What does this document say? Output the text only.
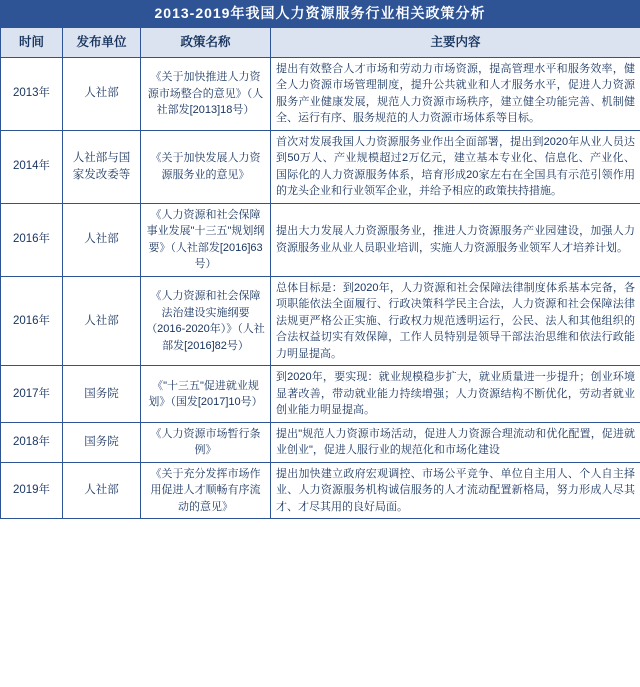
2013-2019年我国人力资源服务行业相关政策分析
时间	发布单位	政策名称	主要内容
2013年	人社部	《关于加快推进人力资源市场整合的意见》（人社部发[2013]18号）	提出有效整合人才市场和劳动力市场资源，提高管理水平和服务效率，健全人力资源市场管理制度，提升公共就业和人才服务水平，促进人力资源服务产业健康发展，规范人力资源市场秩序，建立健全功能完善、机制健全、运行有序、服务规范的人力资源市场体系等目标。
2014年	人社部与国家发改委等	《关于加快发展人力资源服务业的意见》	首次对发展我国人力资源服务业作出全面部署，提出到2020年从业人员达到50万人、产业规模超过2万亿元，建立基本专业化、信息化、产业化、国际化的人力资源服务体系，培育形成20家左右在全国具有示范引领作用的龙头企业和行业领军企业，并给予相应的政策扶持措施。
2016年	人社部	《人力资源和社会保障事业发展"十三五"规划纲要》（人社部发[2016]63号）	提出大力发展人力资源服务业，推进人力资源服务产业园建设，加强人力资源服务业从业人员职业培训，实施人力资源服务业领军人才培养计划。
2016年	人社部	《人力资源和社会保障法治建设实施纲要（2016-2020年）》（人社部发[2016]82号）	总体目标是：到2020年，人力资源和社会保障法律制度体系基本完备，各项职能依法全面履行、行政决策科学民主合法，人力资源和社会保障法律法规更严格公正实施、行政权力规范透明运行，公民、法人和其他组织的合法权益切实有效保障，工作人员特别是领导干部法治思维和依法行政能力明显提高。
2017年	国务院	《"十三五"促进就业规划》（国发[2017]10号）	到2020年，要实现：就业规模稳步扩大，就业质量进一步提升；创业环境显著改善，带动就业能力持续增强；人力资源结构不断优化，劳动者就业创业能力明显提高。
2018年	国务院	《人力资源市场暂行条例》	提出"规范人力资源市场活动，促进人力资源合理流动和优化配置，促进就业创业"，促进人服行业的规范化和市场化建设
2019年	人社部	《关于充分发挥市场作用促进人才顺畅有序流动的意见》	提出加快建立政府宏观调控、市场公平竞争、单位自主用人、个人自主择业、人力资源服务机构诚信服务的人才流动配置新格局，努力形成人尽其才、才尽其用的良好局面。
